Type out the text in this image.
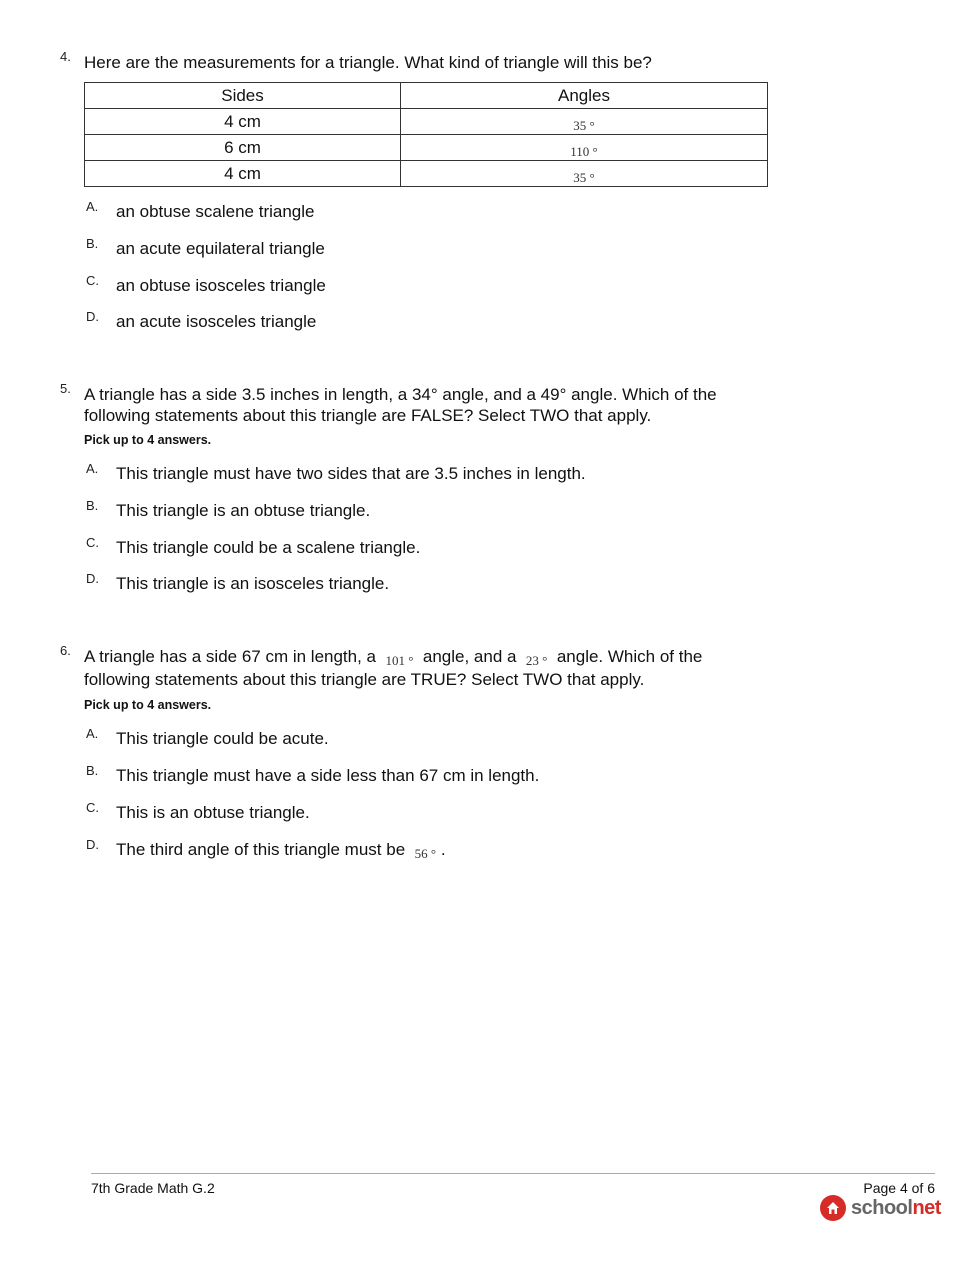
4. Here are the measurements for a triangle. What kind of triangle will this be?
Sides	Angles
4 cm	35 °
6 cm	110 °
4 cm	35 °
A. an obtuse scalene triangle
B. an acute equilateral triangle
C. an obtuse isosceles triangle
D. an acute isosceles triangle
5. A triangle has a side 3.5 inches in length, a 34° angle, and a 49° angle. Which of the
following statements about this triangle are FALSE? Select TWO that apply.
Pick up to 4 answers.
A. This triangle must have two sides that are 3.5 inches in length.
B. This triangle is an obtuse triangle.
C. This triangle could be a scalene triangle.
D. This triangle is an isosceles triangle.
6. A triangle has a side 67 cm in length, a 101 ° angle, and a 23 ° angle. Which of the
following statements about this triangle are TRUE? Select TWO that apply.
Pick up to 4 answers.
A. This triangle could be acute.
B. This triangle must have a side less than 67 cm in length.
C. This is an obtuse triangle.
D. The third angle of this triangle must be 56 ° .
7th Grade Math G.2	Page 4 of 6
schoolnet
